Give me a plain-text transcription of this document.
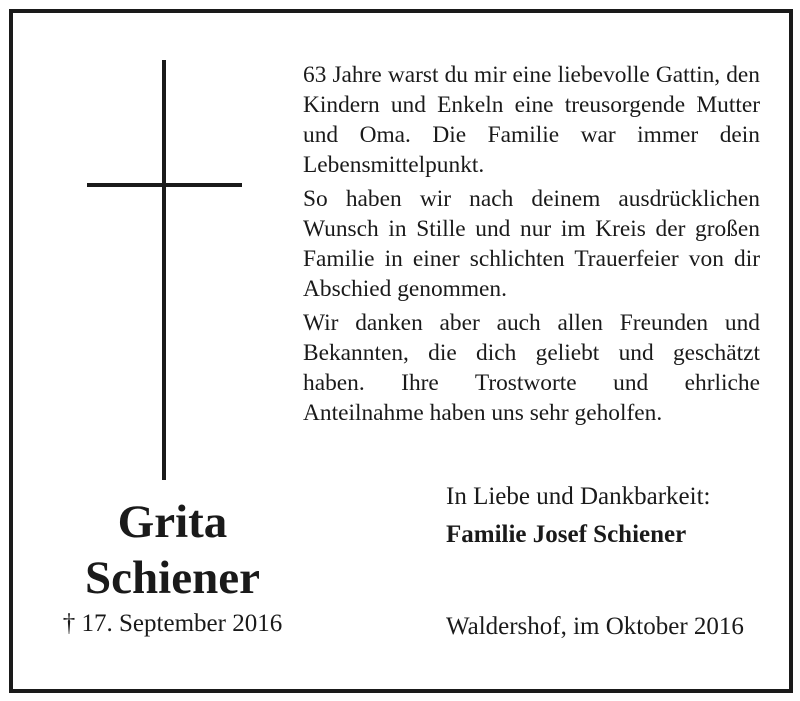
63 Jahre warst du mir eine liebevolle Gattin, den Kindern und Enkeln eine treusorgende Mutter und Oma. Die Familie war immer dein Lebensmittelpunkt.

So haben wir nach deinem ausdrücklichen Wunsch in Stille und nur im Kreis der großen Familie in einer schlichten Trauerfeier von dir Abschied genommen.

Wir danken aber auch allen Freunden und Bekannten, die dich geliebt und geschätzt haben. Ihre Trostworte und ehrliche Anteilnahme haben uns sehr geholfen.

Grita
Schiener
† 17. September 2016
In Liebe und Dankbarkeit:
Familie Josef Schiener
Waldershof, im Oktober 2016
